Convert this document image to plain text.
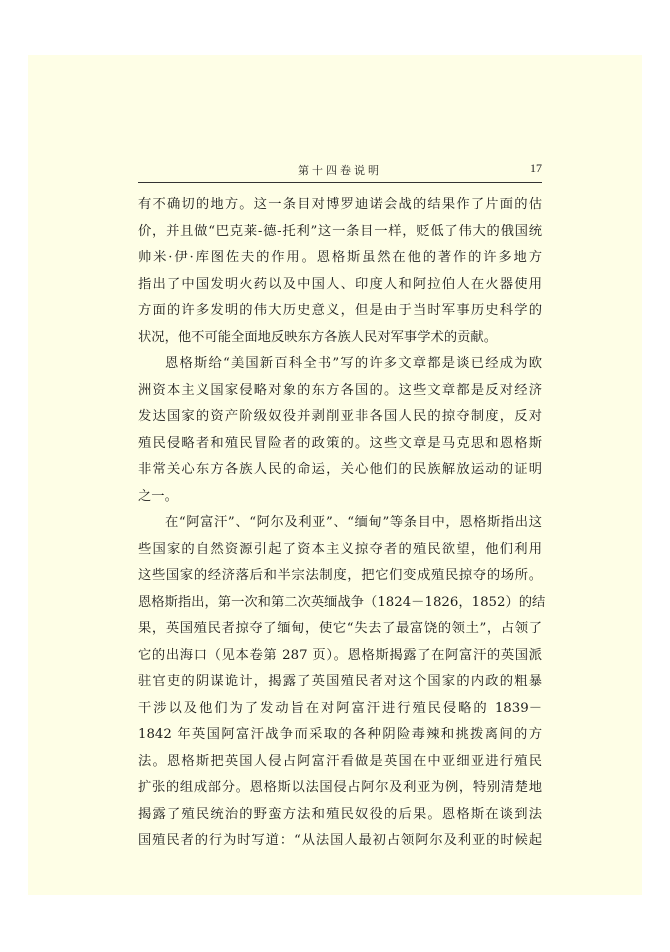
第十四卷说明	17
有不确切的地方。这一条目对博罗迪诺会战的结果作了片面的估
价，并且做“巴克莱-德-托利”这一条目一样，贬低了伟大的俄国统
帅米·伊·库图佐夫的作用。恩格斯虽然在他的著作的许多地方
指出了中国发明火药以及中国人、印度人和阿拉伯人在火器使用
方面的许多发明的伟大历史意义，但是由于当时军事历史科学的
状况，他不可能全面地反映东方各族人民对军事学术的贡献。
恩格斯给“美国新百科全书”写的许多文章都是谈已经成为欧
洲资本主义国家侵略对象的东方各国的。这些文章都是反对经济
发达国家的资产阶级奴役并剥削亚非各国人民的掠夺制度，反对
殖民侵略者和殖民冒险者的政策的。这些文章是马克思和恩格斯
非常关心东方各族人民的命运，关心他们的民族解放运动的证明
之一。
在“阿富汗”、“阿尔及利亚”、“缅甸”等条目中，恩格斯指出这
些国家的自然资源引起了资本主义掠夺者的殖民欲望，他们利用
这些国家的经济落后和半宗法制度，把它们变成殖民掠夺的场所。
恩格斯指出，第一次和第二次英缅战争（1824－1826，1852）的结
果，英国殖民者掠夺了缅甸，使它“失去了最富饶的领土”，占领了
它的出海口（见本卷第 287 页）。恩格斯揭露了在阿富汗的英国派
驻官吏的阴谋诡计，揭露了英国殖民者对这个国家的内政的粗暴
干涉以及他们为了发动旨在对阿富汗进行殖民侵略的 1839－
1842 年英国阿富汗战争而采取的各种阴险毒辣和挑拨离间的方
法。恩格斯把英国人侵占阿富汗看做是英国在中亚细亚进行殖民
扩张的组成部分。恩格斯以法国侵占阿尔及利亚为例，特别清楚地
揭露了殖民统治的野蛮方法和殖民奴役的后果。恩格斯在谈到法
国殖民者的行为时写道：“从法国人最初占领阿尔及利亚的时候起
